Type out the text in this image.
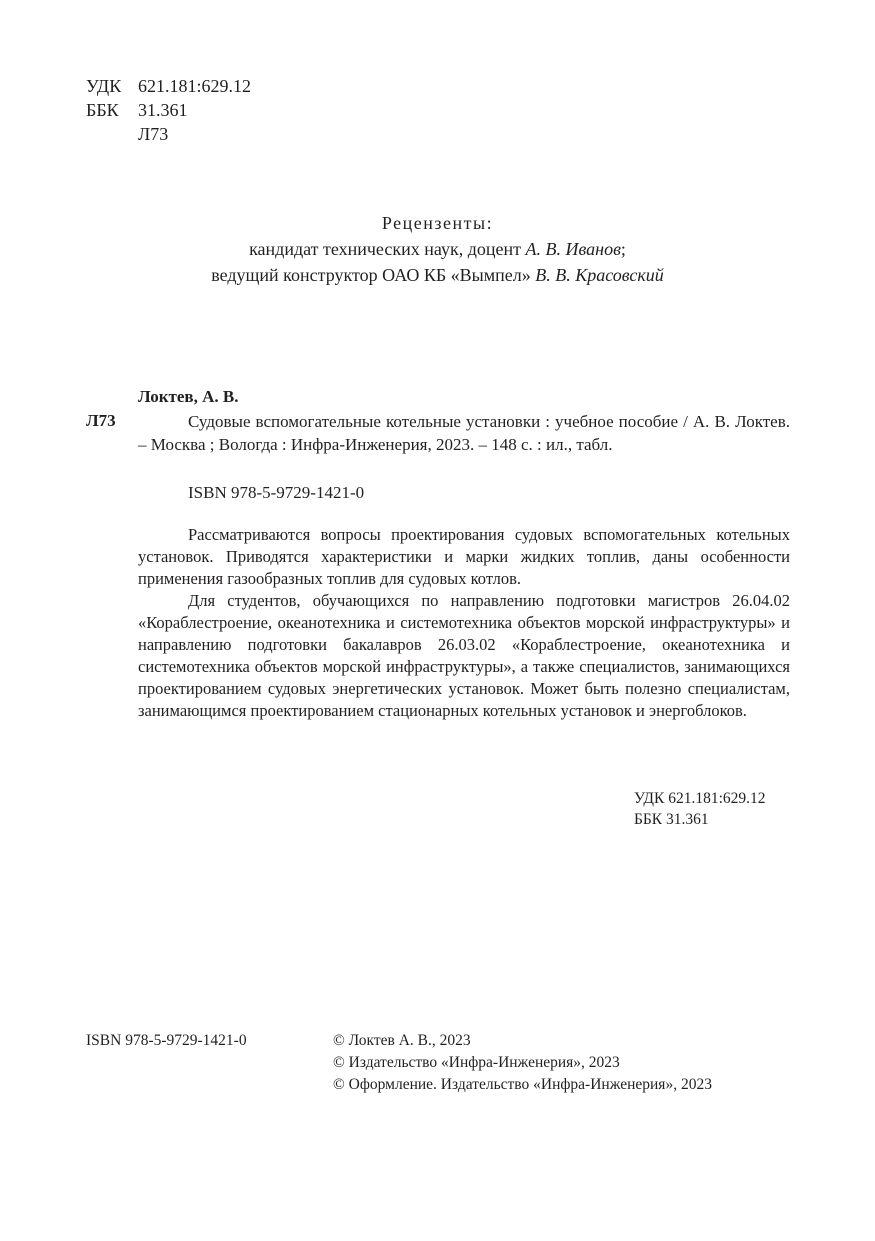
УДК 621.181:629.12
ББК 31.361
Л73
Рецензенты:
кандидат технических наук, доцент А. В. Иванов;
ведущий конструктор ОАО КБ «Вымпел» В. В. Красовский
Локтев, А. В.
Л73	Судовые вспомогательные котельные установки : учебное пособие / А. В. Локтев. – Москва ; Вологда : Инфра-Инженерия, 2023. – 148 с. : ил., табл.
ISBN 978-5-9729-1421-0

Рассматриваются вопросы проектирования судовых вспомогательных котельных установок. Приводятся характеристики и марки жидких топлив, даны особенности применения газообразных топлив для судовых котлов.

Для студентов, обучающихся по направлению подготовки магистров 26.04.02 «Кораблестроение, океанотехника и системотехника объектов морской инфраструктуры» и направлению подготовки бакалавров 26.03.02 «Кораблестроение, океанотехника и системотехника объектов морской инфраструктуры», а также специалистов, занимающихся проектированием судовых энергетических установок. Может быть полезно специалистам, занимающимся проектированием стационарных котельных установок и энергоблоков.

УДК 621.181:629.12
ББК 31.361
ISBN 978-5-9729-1421-0	© Локтев А. В., 2023
© Издательство «Инфра-Инженерия», 2023
© Оформление. Издательство «Инфра-Инженерия», 2023
